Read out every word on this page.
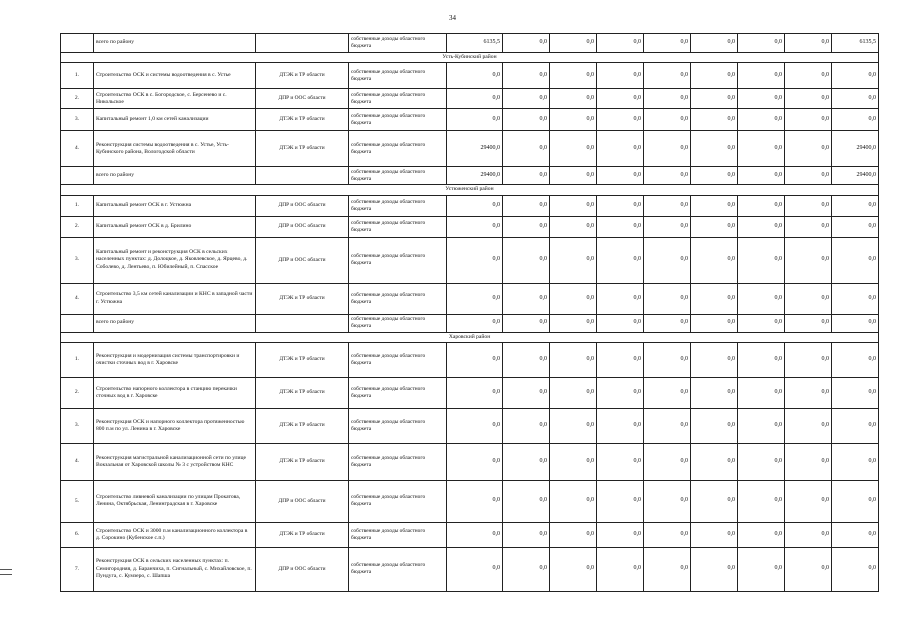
34
	всего по району		собственные доходы областного бюджета	6135,5	0,0	0,0	0,0	0,0	0,0	0,0	0,0	6135,5
Усть-Кубинский район												
1.	Строительство ОСК и системы водоотведения в с. Устье	ДТЭК и ТР области	собственные доходы областного бюджета	0,0	0,0	0,0	0,0	0,0	0,0	0,0	0,0	0,0
2.	Строительство ОСК в с. Богородское, с. Берсенево и с. Никольское	ДПР и ООС области	собственные доходы областного бюджета	0,0	0,0	0,0	0,0	0,0	0,0	0,0	0,0	0,0
3.	Капитальный ремонт 1,0 км сетей канализации	ДТЭК и ТР области	собственные доходы областного бюджета	0,0	0,0	0,0	0,0	0,0	0,0	0,0	0,0	0,0
4.	Реконструкция системы водоотведения в с. Устье, Усть-Кубинского района, Вологодской области	ДТЭК и ТР области	собственные доходы областного бюджета	29400,0	0,0	0,0	0,0	0,0	0,0	0,0	0,0	29400,0
	всего по району		собственные доходы областного бюджета	29400,0	0,0	0,0	0,0	0,0	0,0	0,0	0,0	29400,0
Устюженский район												
1.	Капитальный ремонт ОСК в г. Устюжна	ДПР и ООС области	собственные доходы областного бюджета	0,0	0,0	0,0	0,0	0,0	0,0	0,0	0,0	0,0
2.	Капитальный ремонт ОСК в д. Брилино	ДПР и ООС области	собственные доходы областного бюджета	0,0	0,0	0,0	0,0	0,0	0,0	0,0	0,0	0,0
3.	Капитальный ремонт и реконструкция ОСК в сельских населенных пунктах: д. Долоцкое, д. Яковлевское, д. Ярцево, д. Соболево, д. Лентьево, п. Юбилейный, п. Спасское	ДПР и ООС области	собственные доходы областного бюджета	0,0	0,0	0,0	0,0	0,0	0,0	0,0	0,0	0,0
4.	Строительство 3,5 км сетей канализации и КНС в западной части г. Устюжна	ДТЭК и ТР области	собственные доходы областного бюджета	0,0	0,0	0,0	0,0	0,0	0,0	0,0	0,0	0,0
	всего по району		собственные доходы областного бюджета	0,0	0,0	0,0	0,0	0,0	0,0	0,0	0,0	0,0
Харовский район												
1.	Реконструкция и модернизация системы транспортировки и очистки сточных вод в г. Харовске	ДТЭК и ТР области	собственные доходы областного бюджета	0,0	0,0	0,0	0,0	0,0	0,0	0,0	0,0	0,0
2.	Строительство напорного коллектора в станцию перекачки сточных вод в г. Харовске	ДТЭК и ТР области	собственные доходы областного бюджета	0,0	0,0	0,0	0,0	0,0	0,0	0,0	0,0	0,0
3.	Реконструкция ОСК и напорного коллектора протяженностью 800 п.м по ул. Ленина в г. Харовске	ДТЭК и ТР области	собственные доходы областного бюджета	0,0	0,0	0,0	0,0	0,0	0,0	0,0	0,0	0,0
4.	Реконструкция магистральной канализационной сети по улице Вокзальная от Харовской школы № 3 с устройством КНС	ДТЭК и ТР области	собственные доходы областного бюджета	0,0	0,0	0,0	0,0	0,0	0,0	0,0	0,0	0,0
5.	Строительство ливневой канализации по улицам Прокатова, Ленина, Октябрьская, Ленинградская в г. Харовске	ДПР и ООС области	собственные доходы областного бюджета	0,0	0,0	0,0	0,0	0,0	0,0	0,0	0,0	0,0
6.	Строительство ОСК и 3000 п.м канализационного коллектора в д. Сорокино (Кубенское с.п.)	ДТЭК и ТР области	собственные доходы областного бюджета	0,0	0,0	0,0	0,0	0,0	0,0	0,0	0,0	0,0
7.	Реконструкция ОСК в сельских населенных пунктах: п. Семигородняя, д. Баранчиха, п. Сигнальный, с. Михайловское, п. Пундуга, с. Кумзеро, с. Шапша	ДПР и ООС области	собственные доходы областного бюджета	0,0	0,0	0,0	0,0	0,0	0,0	0,0	0,0	0,0
